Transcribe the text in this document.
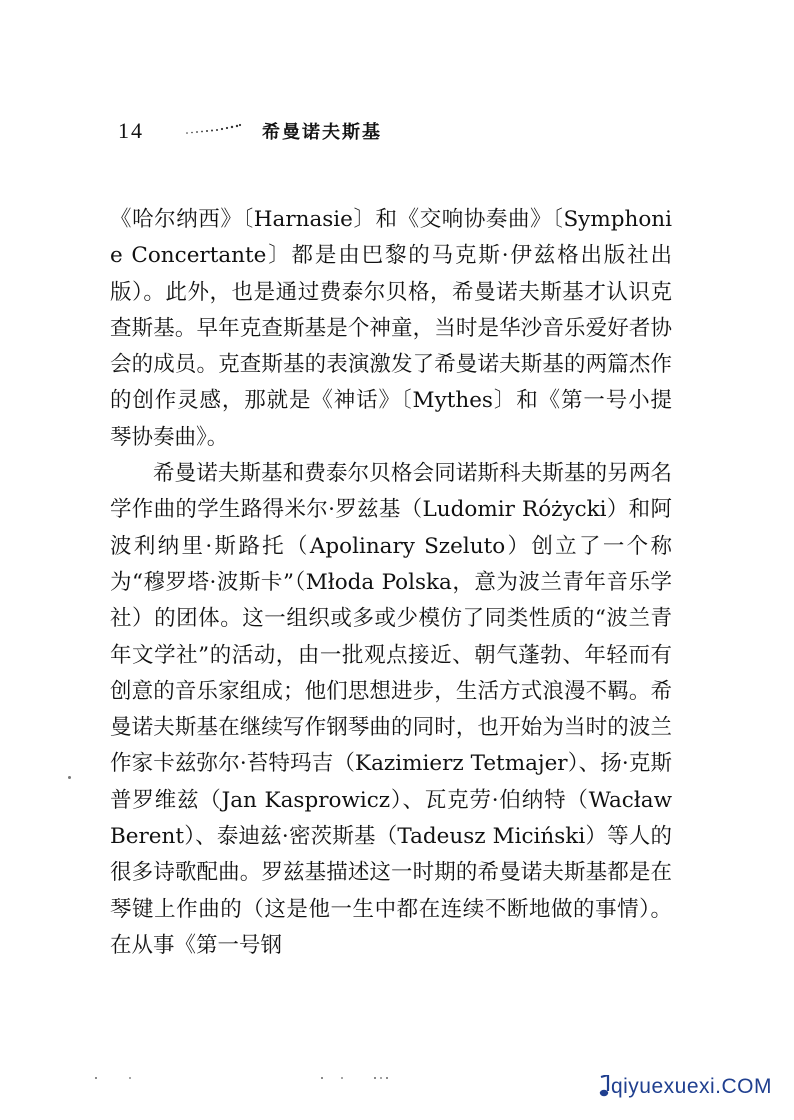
14	希曼诺夫斯基

《哈尔纳西》〔Harnasie〕和《交响协奏曲》〔Symphonie Concertante〕都是由巴黎的马克斯·伊兹格出版社出版）。此外，也是通过费泰尔贝格，希曼诺夫斯基才认识克查斯基。早年克查斯基是个神童，当时是华沙音乐爱好者协会的成员。克查斯基的表演激发了希曼诺夫斯基的两篇杰作的创作灵感，那就是《神话》〔Mythes〕和《第一号小提琴协奏曲》。

希曼诺夫斯基和费泰尔贝格会同诺斯科夫斯基的另两名学作曲的学生路得米尔·罗兹基（Ludomir Różycki）和阿波利纳里·斯路托（Apolinary Szeluto）创立了一个称为“穆罗塔·波斯卡”（Młoda Polska，意为波兰青年音乐学社）的团体。这一组织或多或少模仿了同类性质的“波兰青年文学社”的活动，由一批观点接近、朝气蓬勃、年轻而有创意的音乐家组成；他们思想进步，生活方式浪漫不羁。希曼诺夫斯基在继续写作钢琴曲的同时，也开始为当时的波兰作家卡兹弥尔·苔特玛吉（Kazimierz Tetmajer）、扬·克斯普罗维兹（Jan Kasprowicz）、瓦克劳·伯纳特（Wacław Berent）、泰迪兹·密茨斯基（Tadeusz Miciński）等人的很多诗歌配曲。罗兹基描述这一时期的希曼诺夫斯基都是在琴键上作曲的（这是他一生中都在连续不断地做的事情）。在从事《第一号钢

qiyuexuexi.COM
